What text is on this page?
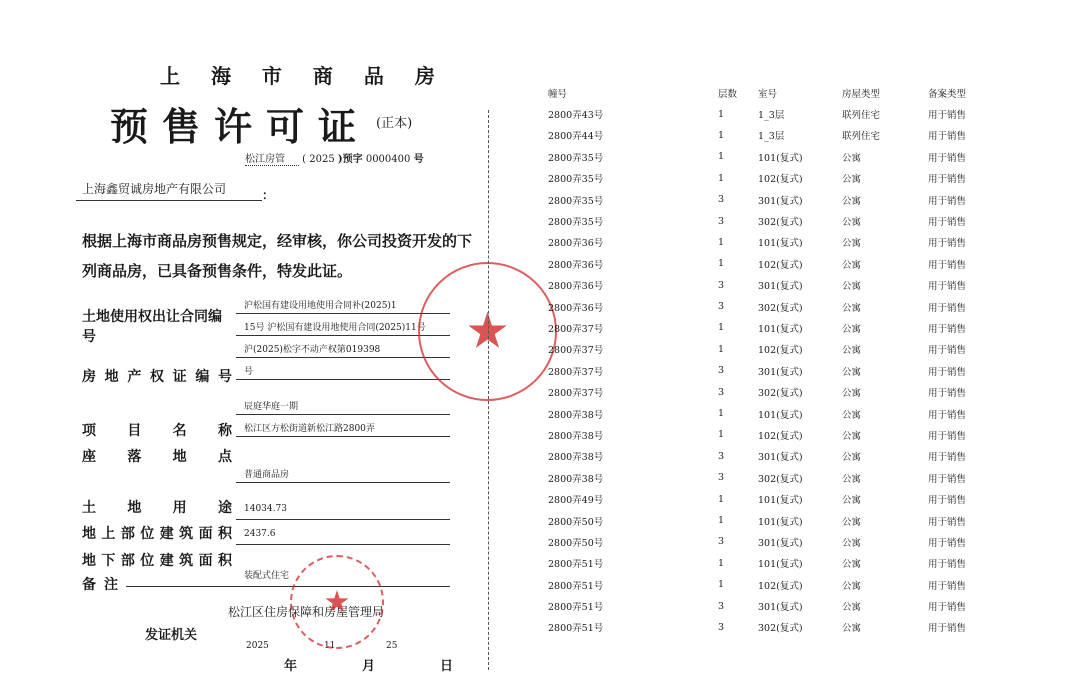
上 海 市 商 品 房
预售许可证 (正本)
松江房管 ( 2025 )预字 0000400 号
上海鑫贸诚房地产有限公司	：
根据上海市商品房预售规定，经审核，你公司投资开发的下列商品房，已具备预售条件，特发此证。
土地使用权出让合同编号
沪松国有建设用地使用合同补(2025)1
15号 沪松国有建设用地使用合同(2025)11号
房地产权证编号
沪(2025)松字不动产权第019398
号
项目名称
辰庭华庭一期
座落地点
松江区方松街道新松江路2800弄
土地用途
普通商品房
地上部位建筑面积
14034.73
地下部位建筑面积
2437.6
备注
装配式住宅
发证机关
松江区住房保障和房屋管理局
2025	11	25
年	月	日
幢号	层数	室号	房屋类型	备案类型
2800弄43号	1	1_3层	联列住宅	用于销售
2800弄44号	1	1_3层	联列住宅	用于销售
2800弄35号	1	101(复式)	公寓	用于销售
2800弄35号	1	102(复式)	公寓	用于销售
2800弄35号	3	301(复式)	公寓	用于销售
2800弄35号	3	302(复式)	公寓	用于销售
2800弄36号	1	101(复式)	公寓	用于销售
2800弄36号	1	102(复式)	公寓	用于销售
2800弄36号	3	301(复式)	公寓	用于销售
2800弄36号	3	302(复式)	公寓	用于销售
2800弄37号	1	101(复式)	公寓	用于销售
2800弄37号	1	102(复式)	公寓	用于销售
2800弄37号	3	301(复式)	公寓	用于销售
2800弄37号	3	302(复式)	公寓	用于销售
2800弄38号	1	101(复式)	公寓	用于销售
2800弄38号	1	102(复式)	公寓	用于销售
2800弄38号	3	301(复式)	公寓	用于销售
2800弄38号	3	302(复式)	公寓	用于销售
2800弄49号	1	101(复式)	公寓	用于销售
2800弄50号	1	101(复式)	公寓	用于销售
2800弄50号	3	301(复式)	公寓	用于销售
2800弄51号	1	101(复式)	公寓	用于销售
2800弄51号	1	102(复式)	公寓	用于销售
2800弄51号	3	301(复式)	公寓	用于销售
2800弄51号	3	302(复式)	公寓	用于销售
